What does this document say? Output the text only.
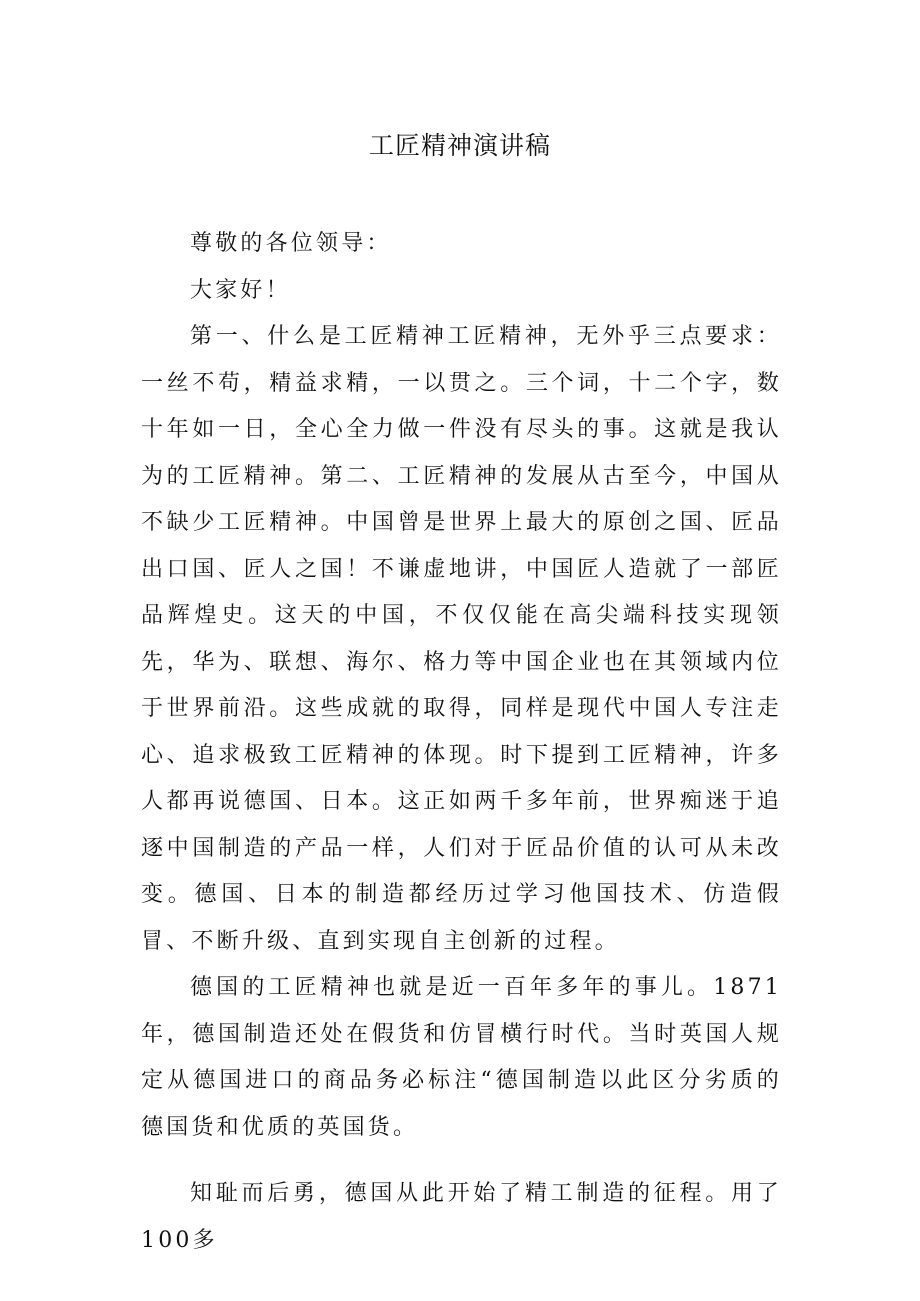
工匠精神演讲稿

尊敬的各位领导：

大家好！

第一、什么是工匠精神工匠精神，无外乎三点要求：一丝不苟，精益求精，一以贯之。三个词，十二个字，数十年如一日，全心全力做一件没有尽头的事。这就是我认为的工匠精神。第二、工匠精神的发展从古至今，中国从不缺少工匠精神。中国曾是世界上最大的原创之国、匠品出口国、匠人之国！不谦虚地讲，中国匠人造就了一部匠品辉煌史。这天的中国，不仅仅能在高尖端科技实现领先，华为、联想、海尔、格力等中国企业也在其领域内位于世界前沿。这些成就的取得，同样是现代中国人专注走心、追求极致工匠精神的体现。时下提到工匠精神，许多人都再说德国、日本。这正如两千多年前，世界痴迷于追逐中国制造的产品一样，人们对于匠品价值的认可从未改变。德国、日本的制造都经历过学习他国技术、仿造假冒、不断升级、直到实现自主创新的过程。

德国的工匠精神也就是近一百年多年的事儿。1871年，德国制造还处在假货和仿冒横行时代。当时英国人规定从德国进口的商品务必标注“德国制造以此区分劣质的德国货和优质的英国货。

知耻而后勇，德国从此开始了精工制造的征程。用了100多
